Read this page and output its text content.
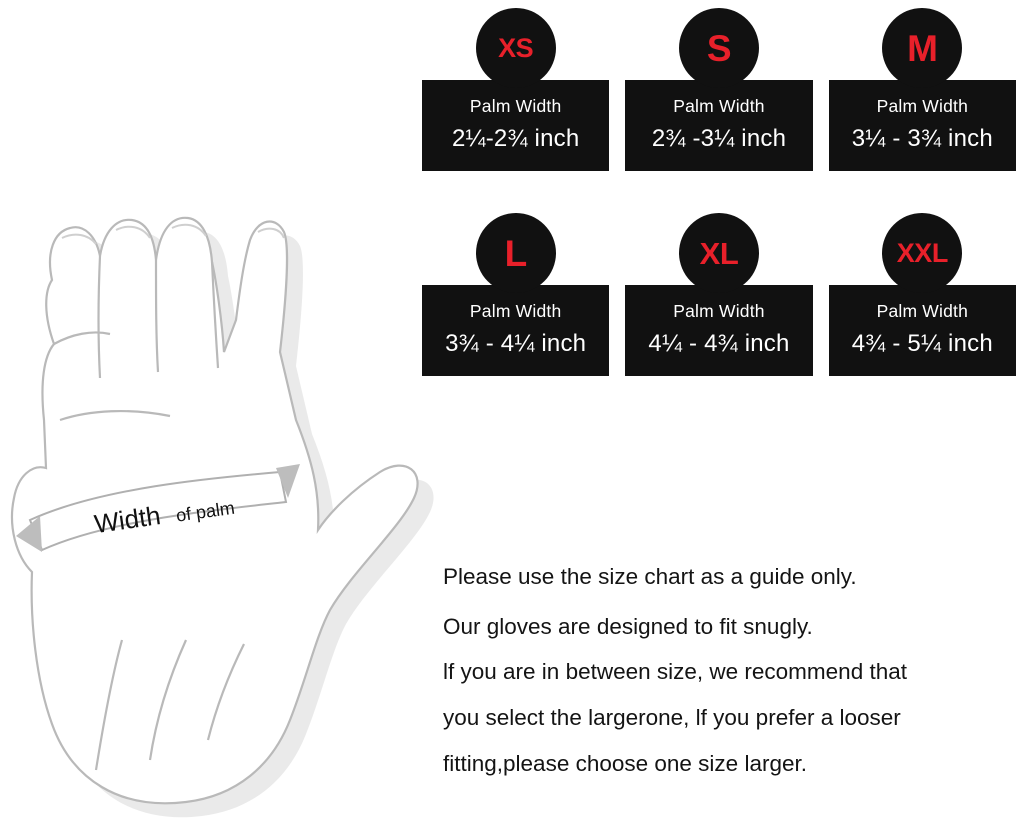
Width of palm
XS
Palm Width
2¼-2¾ inch
S
Palm Width
2¾ -3¼ inch
M
Palm Width
3¼ - 3¾ inch
L
Palm Width
3¾ - 4¼ inch
XL
Palm Width
4¼ - 4¾ inch
XXL
Palm Width
4¾ - 5¼ inch
Please use the size chart as a guide only.
Our gloves are designed to fit snugly.
lf you are in between size, we recommend that
you select the largerone, lf you prefer a looser
fitting,please choose one size larger.
